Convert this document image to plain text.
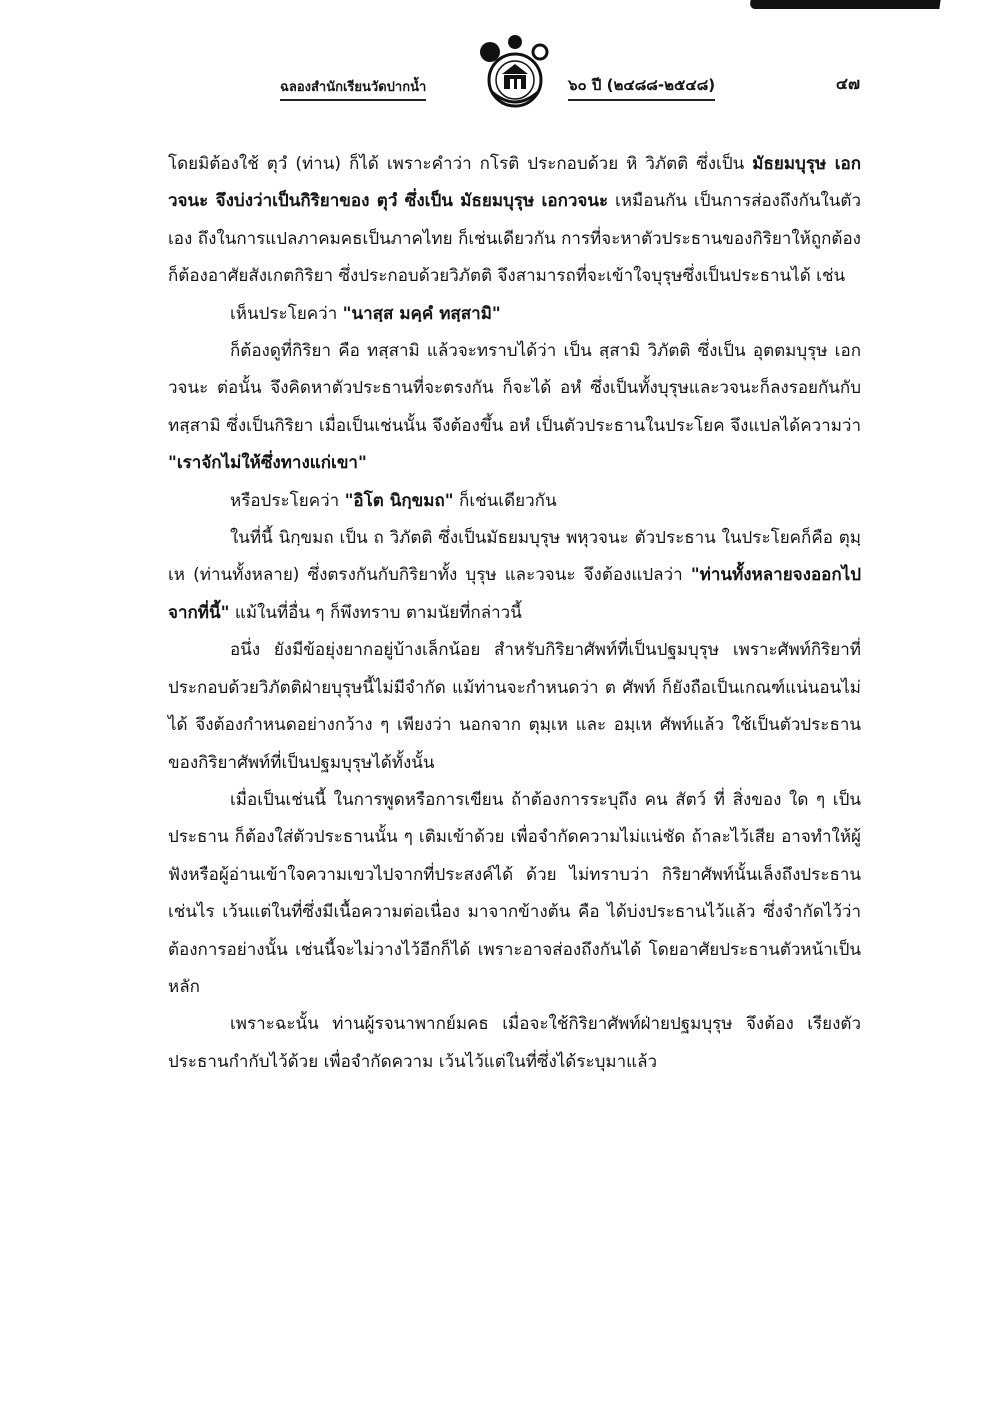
ฉลองสำนักเรียนวัดปากน้ำ	๖๐ ปี (๒๔๘๘-๒๕๔๘)	๔๗

โดยมิต้องใช้ ตุวํ (ท่าน) ก็ได้ เพราะคำว่า กโรติ ประกอบด้วย หิ วิภัตติ ซึ่งเป็น มัธยมบุรุษ เอกวจนะ จึงบ่งว่าเป็นกิริยาของ ตุวํ ซึ่งเป็น มัธยมบุรุษ เอกวจนะ เหมือนกัน เป็นการส่องถึงกันในตัวเอง ถึงในการแปลภาคมคธเป็นภาคไทย ก็เช่นเดียวกัน การที่จะหาตัวประธานของกิริยาให้ถูกต้อง ก็ต้องอาศัยสังเกตกิริยา ซึ่งประกอบด้วยวิภัตติ จึงสามารถที่จะเข้าใจบุรุษซึ่งเป็นประธานได้ เช่น

เห็นประโยคว่า "นาสฺส มคฺคํ ทสฺสามิ"

ก็ต้องดูที่กิริยา คือ ทสฺสามิ แล้วจะทราบได้ว่า เป็น สฺสามิ วิภัตติ ซึ่งเป็น อุตตมบุรุษ เอกวจนะ ต่อนั้น จึงคิดหาตัวประธานที่จะตรงกัน ก็จะได้ อหํ ซึ่งเป็นทั้งบุรุษและวจนะก็ลงรอยกันกับ ทสฺสามิ ซึ่งเป็นกิริยา เมื่อเป็นเช่นนั้น จึงต้องขึ้น อหํ เป็นตัวประธานในประโยค จึงแปลได้ความว่า "เราจักไม่ให้ซึ่งทางแก่เขา"

หรือประโยคว่า "อิโต นิกฺขมถ" ก็เช่นเดียวกัน

ในที่นี้ นิกฺขมถ เป็น ถ วิภัตติ ซึ่งเป็นมัธยมบุรุษ พหุวจนะ ตัวประธาน ในประโยคก็คือ ตุมฺเห (ท่านทั้งหลาย) ซึ่งตรงกันกับกิริยาทั้ง บุรุษ และวจนะ จึงต้องแปลว่า "ท่านทั้งหลายจงออกไปจากที่นี้" แม้ในที่อื่น ๆ ก็พึงทราบ ตามนัยที่กล่าวนี้

อนึ่ง ยังมีข้อยุ่งยากอยู่บ้างเล็กน้อย สำหรับกิริยาศัพท์ที่เป็นปฐมบุรุษ เพราะศัพท์กิริยาที่ประกอบด้วยวิภัตติฝ่ายบุรุษนี้ไม่มีจำกัด แม้ท่านจะกำหนดว่า ต ศัพท์ ก็ยังถือเป็นเกณฑ์แน่นอนไม่ได้ จึงต้องกำหนดอย่างกว้าง ๆ เพียงว่า นอกจาก ตุมฺเห และ อมฺเห ศัพท์แล้ว ใช้เป็นตัวประธานของกิริยาศัพท์ที่เป็นปฐมบุรุษได้ทั้งนั้น

เมื่อเป็นเช่นนี้ ในการพูดหรือการเขียน ถ้าต้องการระบุถึง คน สัตว์ ที่ สิ่งของ ใด ๆ เป็นประธาน ก็ต้องใส่ตัวประธานนั้น ๆ เติมเข้าด้วย เพื่อจำกัดความไม่แน่ชัด ถ้าละไว้เสีย อาจทำให้ผู้ฟังหรือผู้อ่านเข้าใจความเขวไปจากที่ประสงค์ได้ ด้วย ไม่ทราบว่า กิริยาศัพท์นั้นเล็งถึงประธานเช่นไร เว้นแต่ในที่ซึ่งมีเนื้อความต่อเนื่อง มาจากข้างต้น คือ ได้บ่งประธานไว้แล้ว ซึ่งจำกัดไว้ว่าต้องการอย่างนั้น เช่นนี้จะไม่วางไว้อีกก็ได้ เพราะอาจส่องถึงกันได้ โดยอาศัยประธานตัวหน้าเป็นหลัก

เพราะฉะนั้น ท่านผู้รจนาพากย์มคธ เมื่อจะใช้กิริยาศัพท์ฝ่ายปฐมบุรุษ จึงต้อง เรียงตัวประธานกำกับไว้ด้วย เพื่อจำกัดความ เว้นไว้แต่ในที่ซึ่งได้ระบุมาแล้ว
